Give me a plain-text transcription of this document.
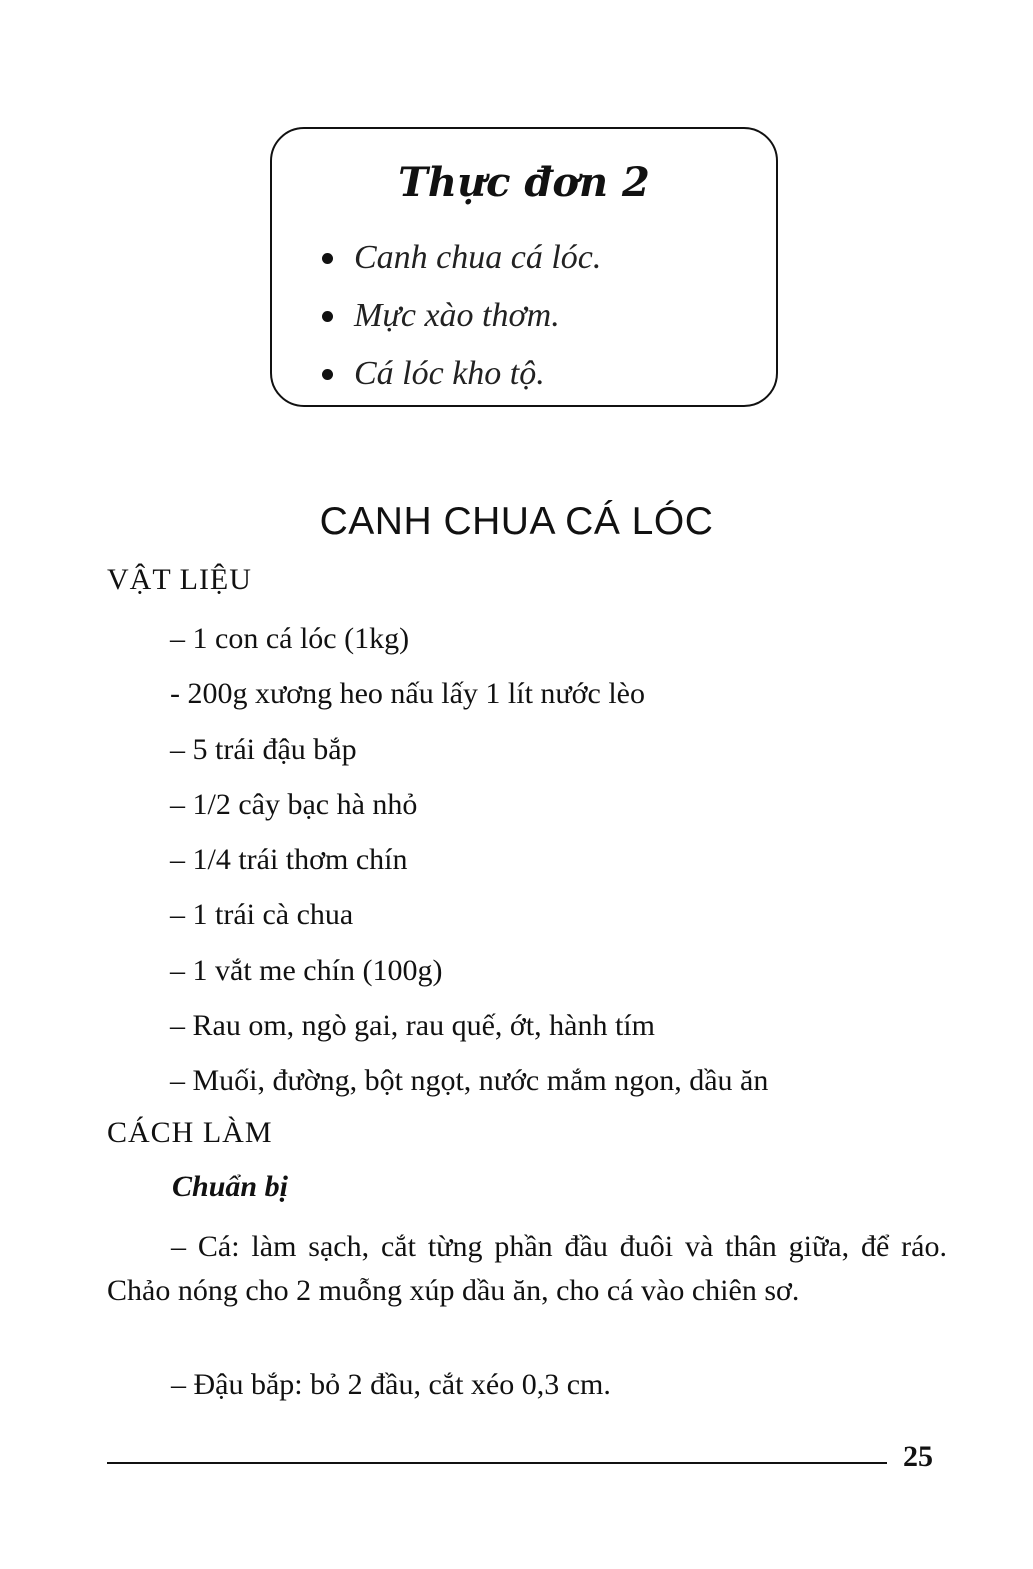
Thực đơn 2
Canh chua cá lóc.
Mực xào thơm.
Cá lóc kho tộ.
CANH CHUA CÁ LÓC
VẬT LIỆU
– 1 con cá lóc (1kg)
- 200g xương heo nấu lấy 1 lít nước lèo
– 5 trái đậu bắp
– 1/2 cây bạc hà nhỏ
– 1/4 trái thơm chín
– 1 trái cà chua
– 1 vắt me chín (100g)
– Rau om, ngò gai, rau quế, ớt, hành tím
– Muối, đường, bột ngọt, nước mắm ngon, dầu ăn
CÁCH LÀM
Chuẩn bị

– Cá: làm sạch, cắt từng phần đầu đuôi và thân giữa, để ráo. Chảo nóng cho 2 muỗng xúp dầu ăn, cho cá vào chiên sơ.

– Đậu bắp: bỏ 2 đầu, cắt xéo 0,3 cm.

25
